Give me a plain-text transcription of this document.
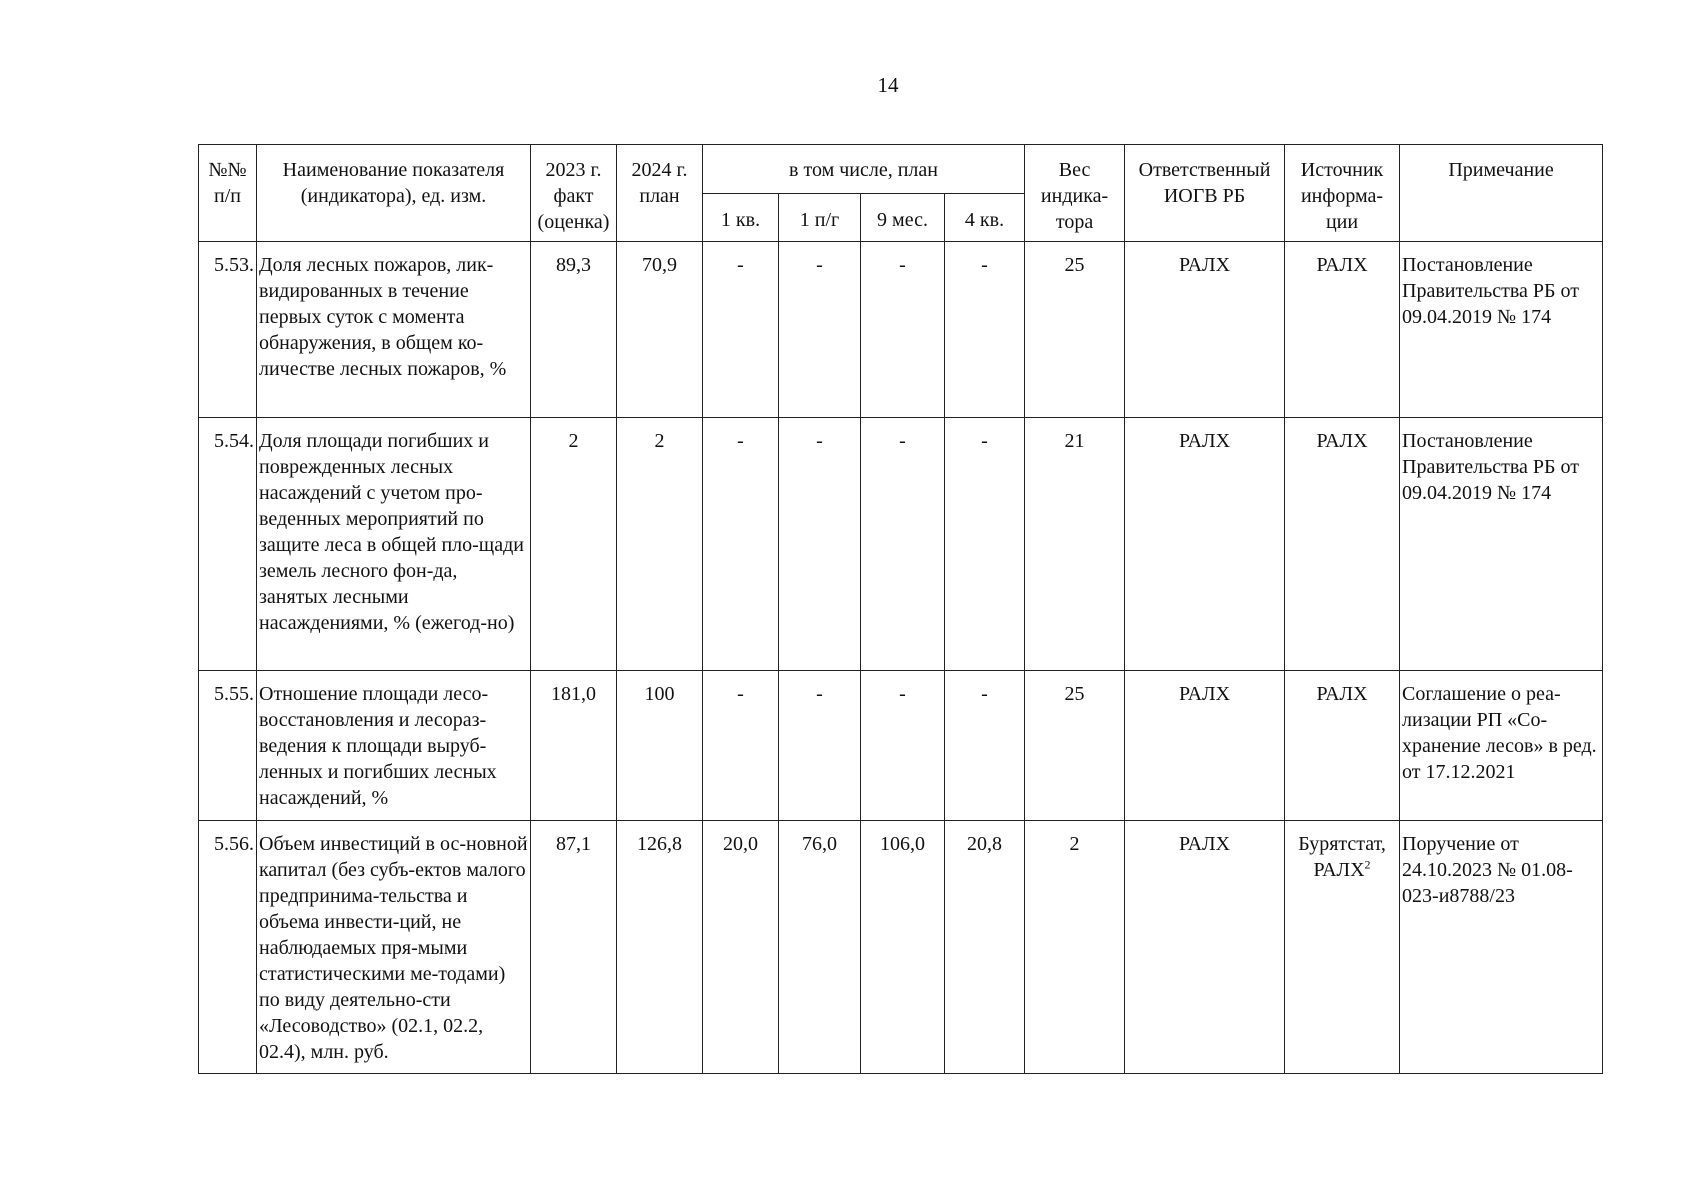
14
№№ п/п	Наименование показателя (индикатора), ед. изм.	2023 г. факт (оценка)	2024 г. план	в том числе, план				Вес индика-тора	Ответственный ИОГВ РБ	Источник информа-ции	Примечание
				1 кв.	1 п/г	9 мес.	4 кв.				
5.53.	Доля лесных пожаров, лик-видированных в течение первых суток с момента обнаружения, в общем ко-личестве лесных пожаров, %	89,3	70,9	-	-	-	-	25	РАЛХ	РАЛХ	Постановление Правительства РБ от 09.04.2019 № 174
5.54.	Доля площади погибших и поврежденных лесных насаждений с учетом про-веденных мероприятий по защите леса в общей пло-щади земель лесного фон-да, занятых лесными насаждениями, % (ежегод-но)	2	2	-	-	-	-	21	РАЛХ	РАЛХ	Постановление Правительства РБ от 09.04.2019 № 174
5.55.	Отношение площади лесо-восстановления и лесораз-ведения к площади выруб-ленных и погибших лесных насаждений, %	181,0	100	-	-	-	-	25	РАЛХ	РАЛХ	Соглашение о реа-лизации РП «Со-хранение лесов» в ред. от 17.12.2021
5.56.	Объем инвестиций в ос-новной капитал (без субъ-ектов малого предпринима-тельства и объема инвести-ций, не наблюдаемых пря-мыми статистическими ме-тодами) по виду деятельно-сти «Лесоводство» (02.1, 02.2, 02.4), млн. руб.	87,1	126,8	20,0	76,0	106,0	20,8	2	РАЛХ	Бурятстат, РАЛХ$^2$	Поручение от 24.10.2023 № 01.08-023-и8788/23
